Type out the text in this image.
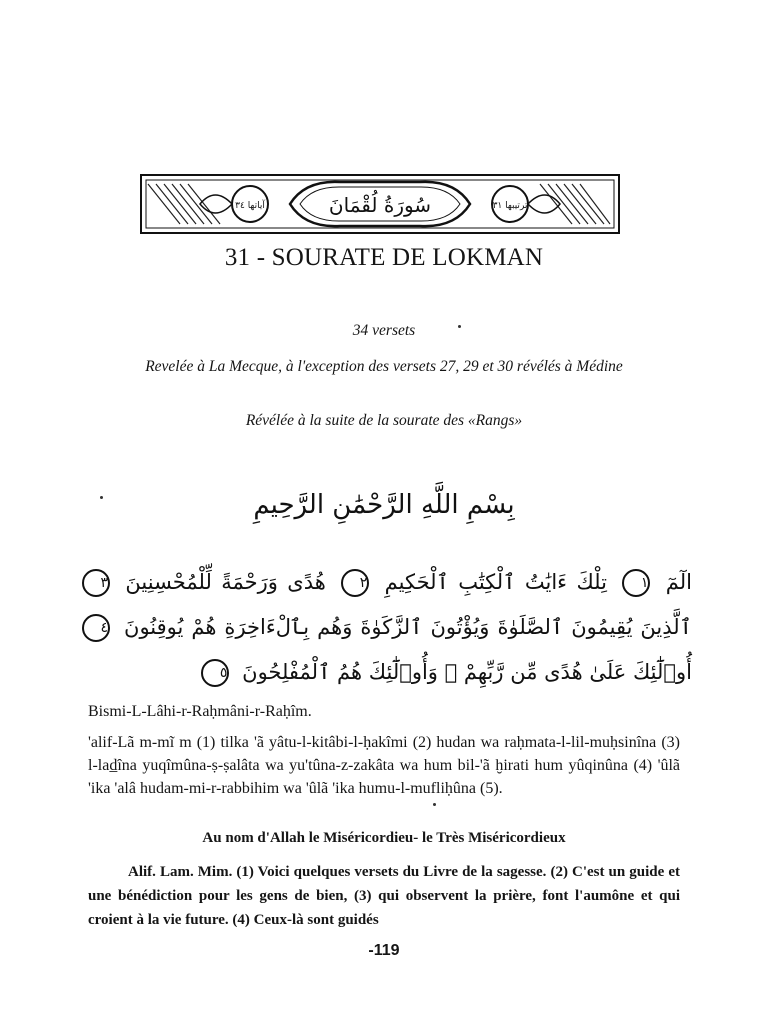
سُورَةُ لُقْمَانَ
آياتها ٣٤	ترتيبها ٣١
31 - SOURATE DE LOKMAN
34 versets
Revelée à La Mecque, à l'exception des versets 27, 29 et 30 révélés à Médine
Révélée à la suite de la sourate des «Rangs»
بِسْمِ اللَّهِ الرَّحْمَٰنِ الرَّحِيمِ
الٓمٓ ١ تِلْكَ ءَايَٰتُ ٱلْكِتَٰبِ ٱلْحَكِيمِ ٢ هُدًى وَرَحْمَةً لِّلْمُحْسِنِينَ ٣ ٱلَّذِينَ يُقِيمُونَ ٱلصَّلَوٰةَ وَيُؤْتُونَ ٱلزَّكَوٰةَ وَهُم بِٱلْءَاخِرَةِ هُمْ يُوقِنُونَ ٤ أُو۟لَٰٓئِكَ عَلَىٰ هُدًى مِّن رَّبِّهِمْ ۖ وَأُو۟لَٰٓئِكَ هُمُ ٱلْمُفْلِحُونَ ٥
Bismi-L-Lâhi-r-Raḥmâni-r-Raḥîm.
'alif-Lã m-mĩ m (1) tilka 'ã yâtu-l-kitâbi-l-ḥakîmi (2) hudan wa raḥmata-l-lil-muḥsinîna (3) l-lad̲îna yuqîmûna-ṣ-ṣalâta wa yu'tûna-z-zakâta wa hum bil-'ã ḫirati hum yûqinûna (4) 'ûlã 'ika 'alâ hudam-mi-r-rabbihim wa 'ûlã 'ika humu-l-mufliḥûna (5).
Au nom d'Allah le Miséricordieu- le Très Miséricordieux
Alif. Lam. Mim. (1) Voici quelques versets du Livre de la sagesse. (2) C'est un guide et une bénédiction pour les gens de bien, (3) qui observent la prière, font l'aumône et qui croient à la vie future. (4) Ceux-là sont guidés
-119
